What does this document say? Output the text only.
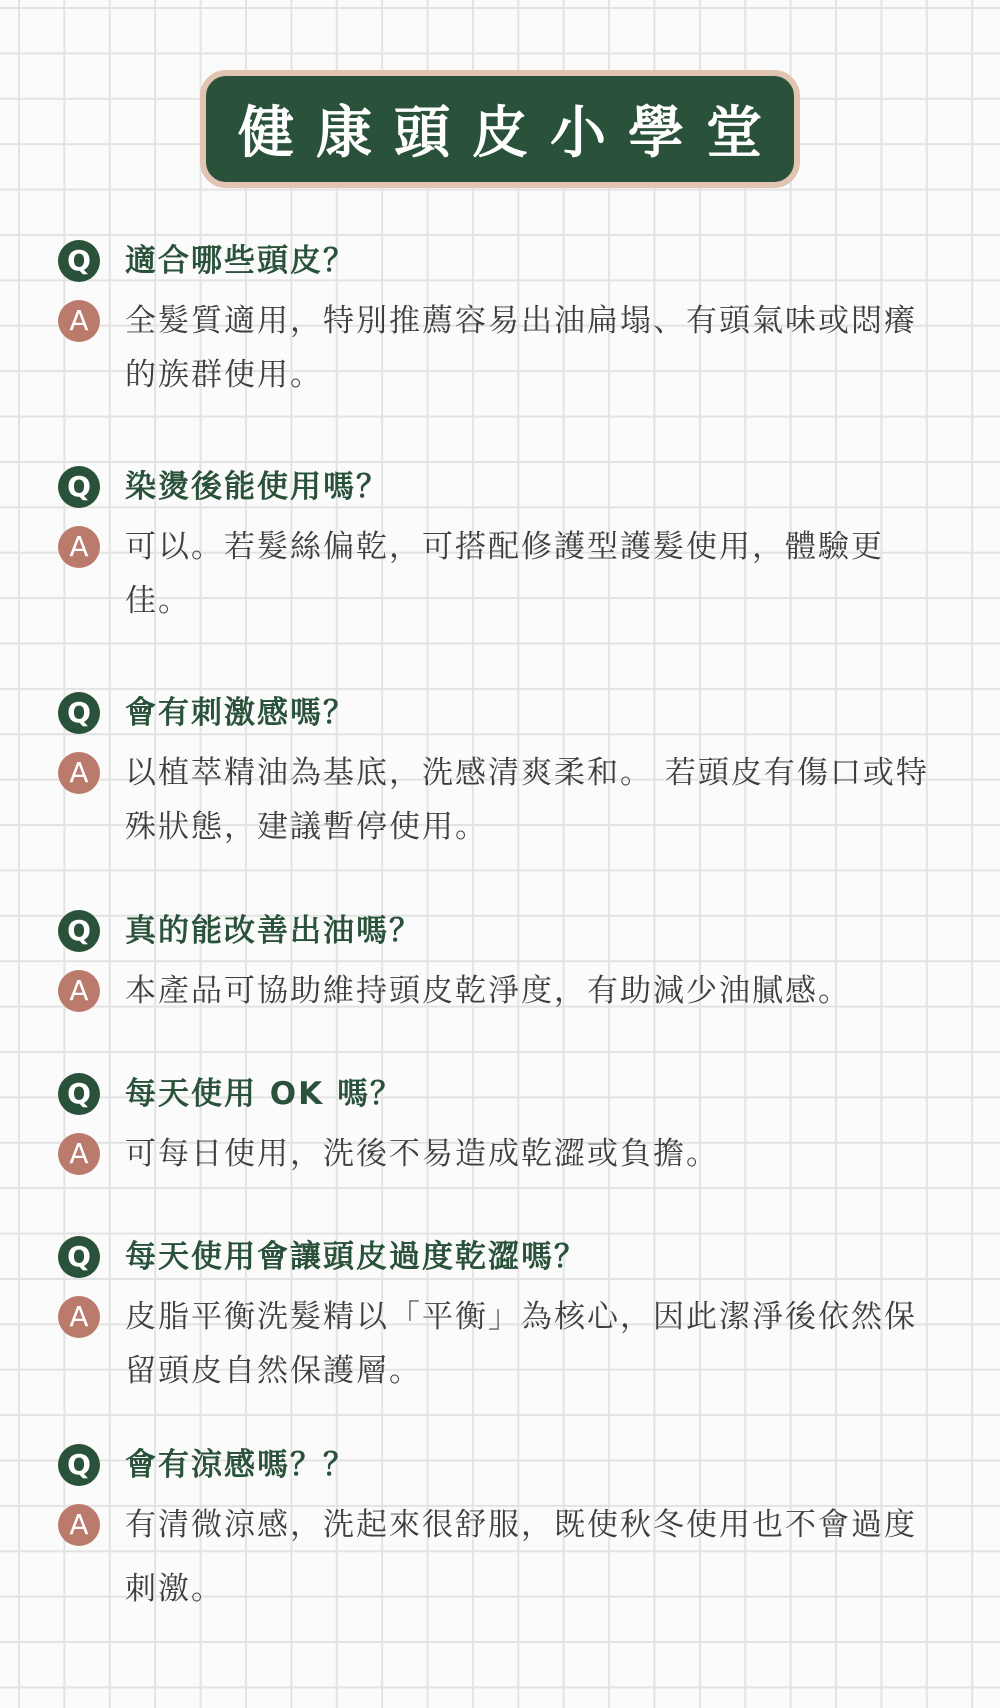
健康頭皮小學堂
Q 適合哪些頭皮？
A	全髮質適用，特別推薦容易出油扁塌、有頭氣味或悶癢的族群使用。
Q 染燙後能使用嗎？
A	可以。若髮絲偏乾，可搭配修護型護髮使用，體驗更佳。
Q 會有刺激感嗎？
A	以植萃精油為基底，洗感清爽柔和。 若頭皮有傷口或特殊狀態，建議暫停使用。
Q 真的能改善出油嗎？
A	本產品可協助維持頭皮乾淨度，有助減少油膩感。
Q 每天使用 OK 嗎？
A	可每日使用，洗後不易造成乾澀或負擔。
Q 每天使用會讓頭皮過度乾澀嗎？
A	皮脂平衡洗髮精以「平衡」為核心，因此潔淨後依然保留頭皮自然保護層。
Q 會有涼感嗎？？
A	有清微涼感，洗起來很舒服，既使秋冬使用也不會過度刺激。
